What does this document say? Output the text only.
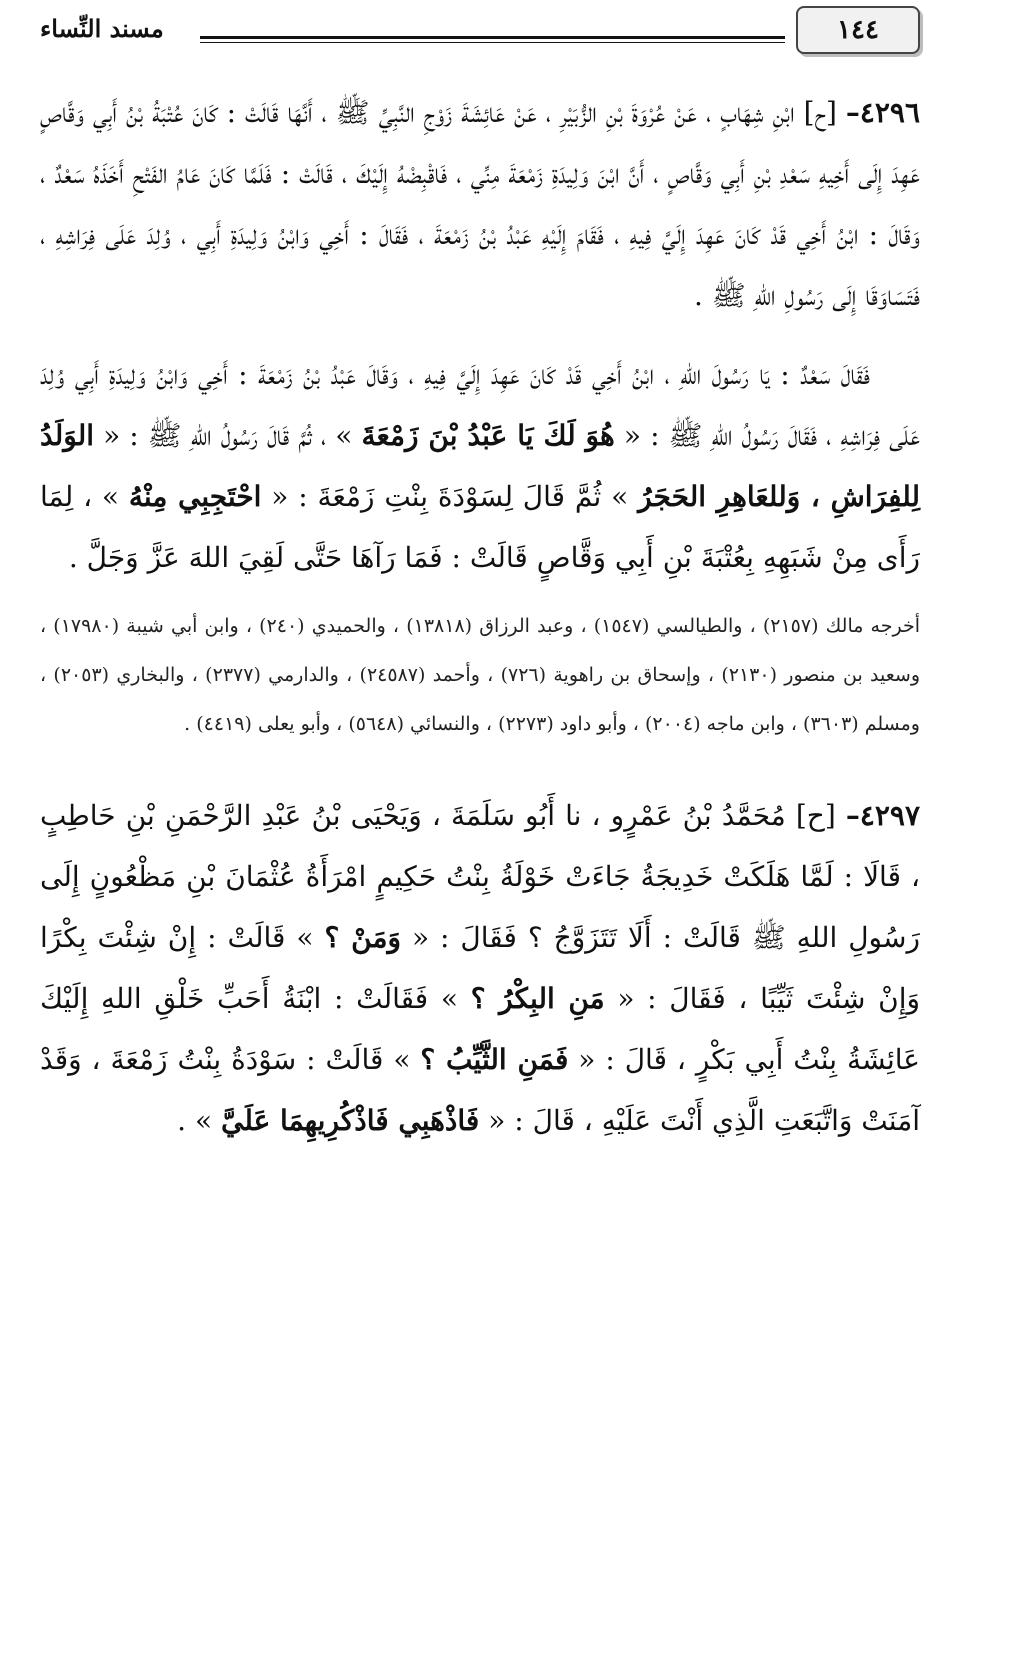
١٤٤
مسند النِّساء

٤٢٩٦– [ح] ابْنِ شِهَابٍ ، عَنْ عُرْوَةَ بْنِ الزُّبَيْرِ ، عَنْ عَائِشَةَ زَوْجِ النَّبِيِّ ﷺ ، أَنَّهَا قَالَتْ : كَانَ عُتْبَةُ بْنُ أَبِي وَقَّاصٍ عَهِدَ إِلَى أَخِيهِ سَعْدِ بْنِ أَبِي وَقَّاصٍ ، أَنَّ ابْنَ وَلِيدَةِ زَمْعَةَ مِنِّي ، فَاقْبِضْهُ إِلَيْكَ ، قَالَتْ : فَلَمَّا كَانَ عَامُ الفَتْحِ أَخَذَهُ سَعْدٌ ، وَقَالَ : ابْنُ أَخِي قَدْ كَانَ عَهِدَ إِلَيَّ فِيهِ ، فَقَامَ إِلَيْهِ عَبْدُ بْنُ زَمْعَةَ ، فَقَالَ : أَخِي وَابْنُ وَلِيدَةِ أَبِي ، وُلِدَ عَلَى فِرَاشِهِ ، فَتَسَاوَقَا إِلَى رَسُولِ اللهِ ﷺ .

فَقَالَ سَعْدٌ : يَا رَسُولَ اللهِ ، ابْنُ أَخِي قَدْ كَانَ عَهِدَ إِلَيَّ فِيهِ ، وَقَالَ عَبْدُ بْنُ زَمْعَةَ : أَخِي وَابْنُ وَلِيدَةِ أَبِي وُلِدَ عَلَى فِرَاشِهِ ، فَقَالَ رَسُولُ اللهِ ﷺ : « هُوَ لَكَ يَا عَبْدُ بْنَ زَمْعَةَ » ، ثُمَّ قَالَ رَسُولُ اللهِ ﷺ : « الوَلَدُ لِلفِرَاشِ ، وَللعَاهِرِ الحَجَرُ » ثُمَّ قَالَ لِسَوْدَةَ بِنْتِ زَمْعَةَ : « احْتَجِبِي مِنْهُ » ، لِمَا رَأَى مِنْ شَبَهِهِ بِعُتْبَةَ بْنِ أَبِي وَقَّاصٍ قَالَتْ : فَمَا رَآهَا حَتَّى لَقِيَ اللهَ عَزَّ وَجَلَّ .

أخرجه مالك (٢١٥٧) ، والطيالسي (١٥٤٧) ، وعبد الرزاق (١٣٨١٨) ، والحميدي (٢٤٠) ، وابن أبي شيبة (١٧٩٨٠) ، وسعيد بن منصور (٢١٣٠) ، وإسحاق بن راهوية (٧٢٦) ، وأحمد (٢٤٥٨٧) ، والدارمي (٢٣٧٧) ، والبخاري (٢٠٥٣) ، ومسلم (٣٦٠٣) ، وابن ماجه (٢٠٠٤) ، وأبو داود (٢٢٧٣) ، والنسائي (٥٦٤٨) ، وأبو يعلى (٤٤١٩) .

٤٢٩٧– [ح] مُحَمَّدُ بْنُ عَمْرٍو ، نا أَبُو سَلَمَةَ ، وَيَحْيَى بْنُ عَبْدِ الرَّحْمَنِ بْنِ حَاطِبٍ ، قَالَا : لَمَّا هَلَكَتْ خَدِيجَةُ جَاءَتْ خَوْلَةُ بِنْتُ حَكِيمٍ امْرَأَةُ عُثْمَانَ بْنِ مَظْعُونٍ إِلَى رَسُولِ اللهِ ﷺ قَالَتْ : أَلَا تَتَزَوَّجُ ؟ فَقَالَ : « وَمَنْ ؟ » قَالَتْ : إِنْ شِئْتَ بِكْرًا وَإِنْ شِئْتَ ثَيِّبًا ، فَقَالَ : « مَنِ البِكْرُ ؟ » فَقَالَتْ : ابْنَةُ أَحَبِّ خَلْقِ اللهِ إِلَيْكَ عَائِشَةُ بِنْتُ أَبِي بَكْرٍ ، قَالَ : « فَمَنِ الثَّيِّبُ ؟ » قَالَتْ : سَوْدَةُ بِنْتُ زَمْعَةَ ، وَقَدْ آمَنَتْ وَاتَّبَعَتِ الَّذِي أَنْتَ عَلَيْهِ ، قَالَ : « فَاذْهَبِي فَاذْكُرِيهِمَا عَلَيَّ » .
